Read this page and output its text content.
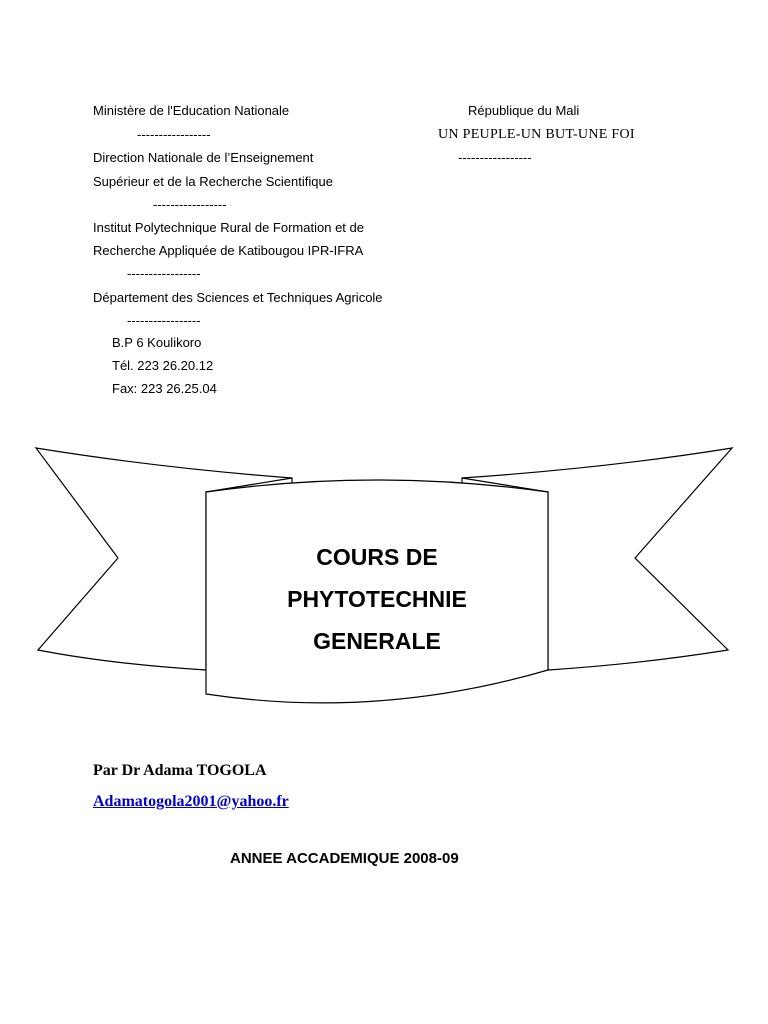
Ministère de l'Education Nationale
-----------------
Direction Nationale de l’Enseignement
Supérieur et de la Recherche Scientifique
-----------------
Institut Polytechnique Rural de Formation et de
Recherche Appliquée de Katibougou IPR-IFRA
-----------------
Département des Sciences et Techniques Agricole
-----------------
B.P 6 Koulikoro
Tél. 223 26.20.12
Fax: 223 26.25.04
République du Mali
UN PEUPLE-UN BUT-UNE FOI
-----------------
COURS DE
PHYTOTECHNIE
GENERALE
Par Dr Adama TOGOLA
Adamatogola2001@yahoo.fr
ANNEE ACCADEMIQUE 2008-09
